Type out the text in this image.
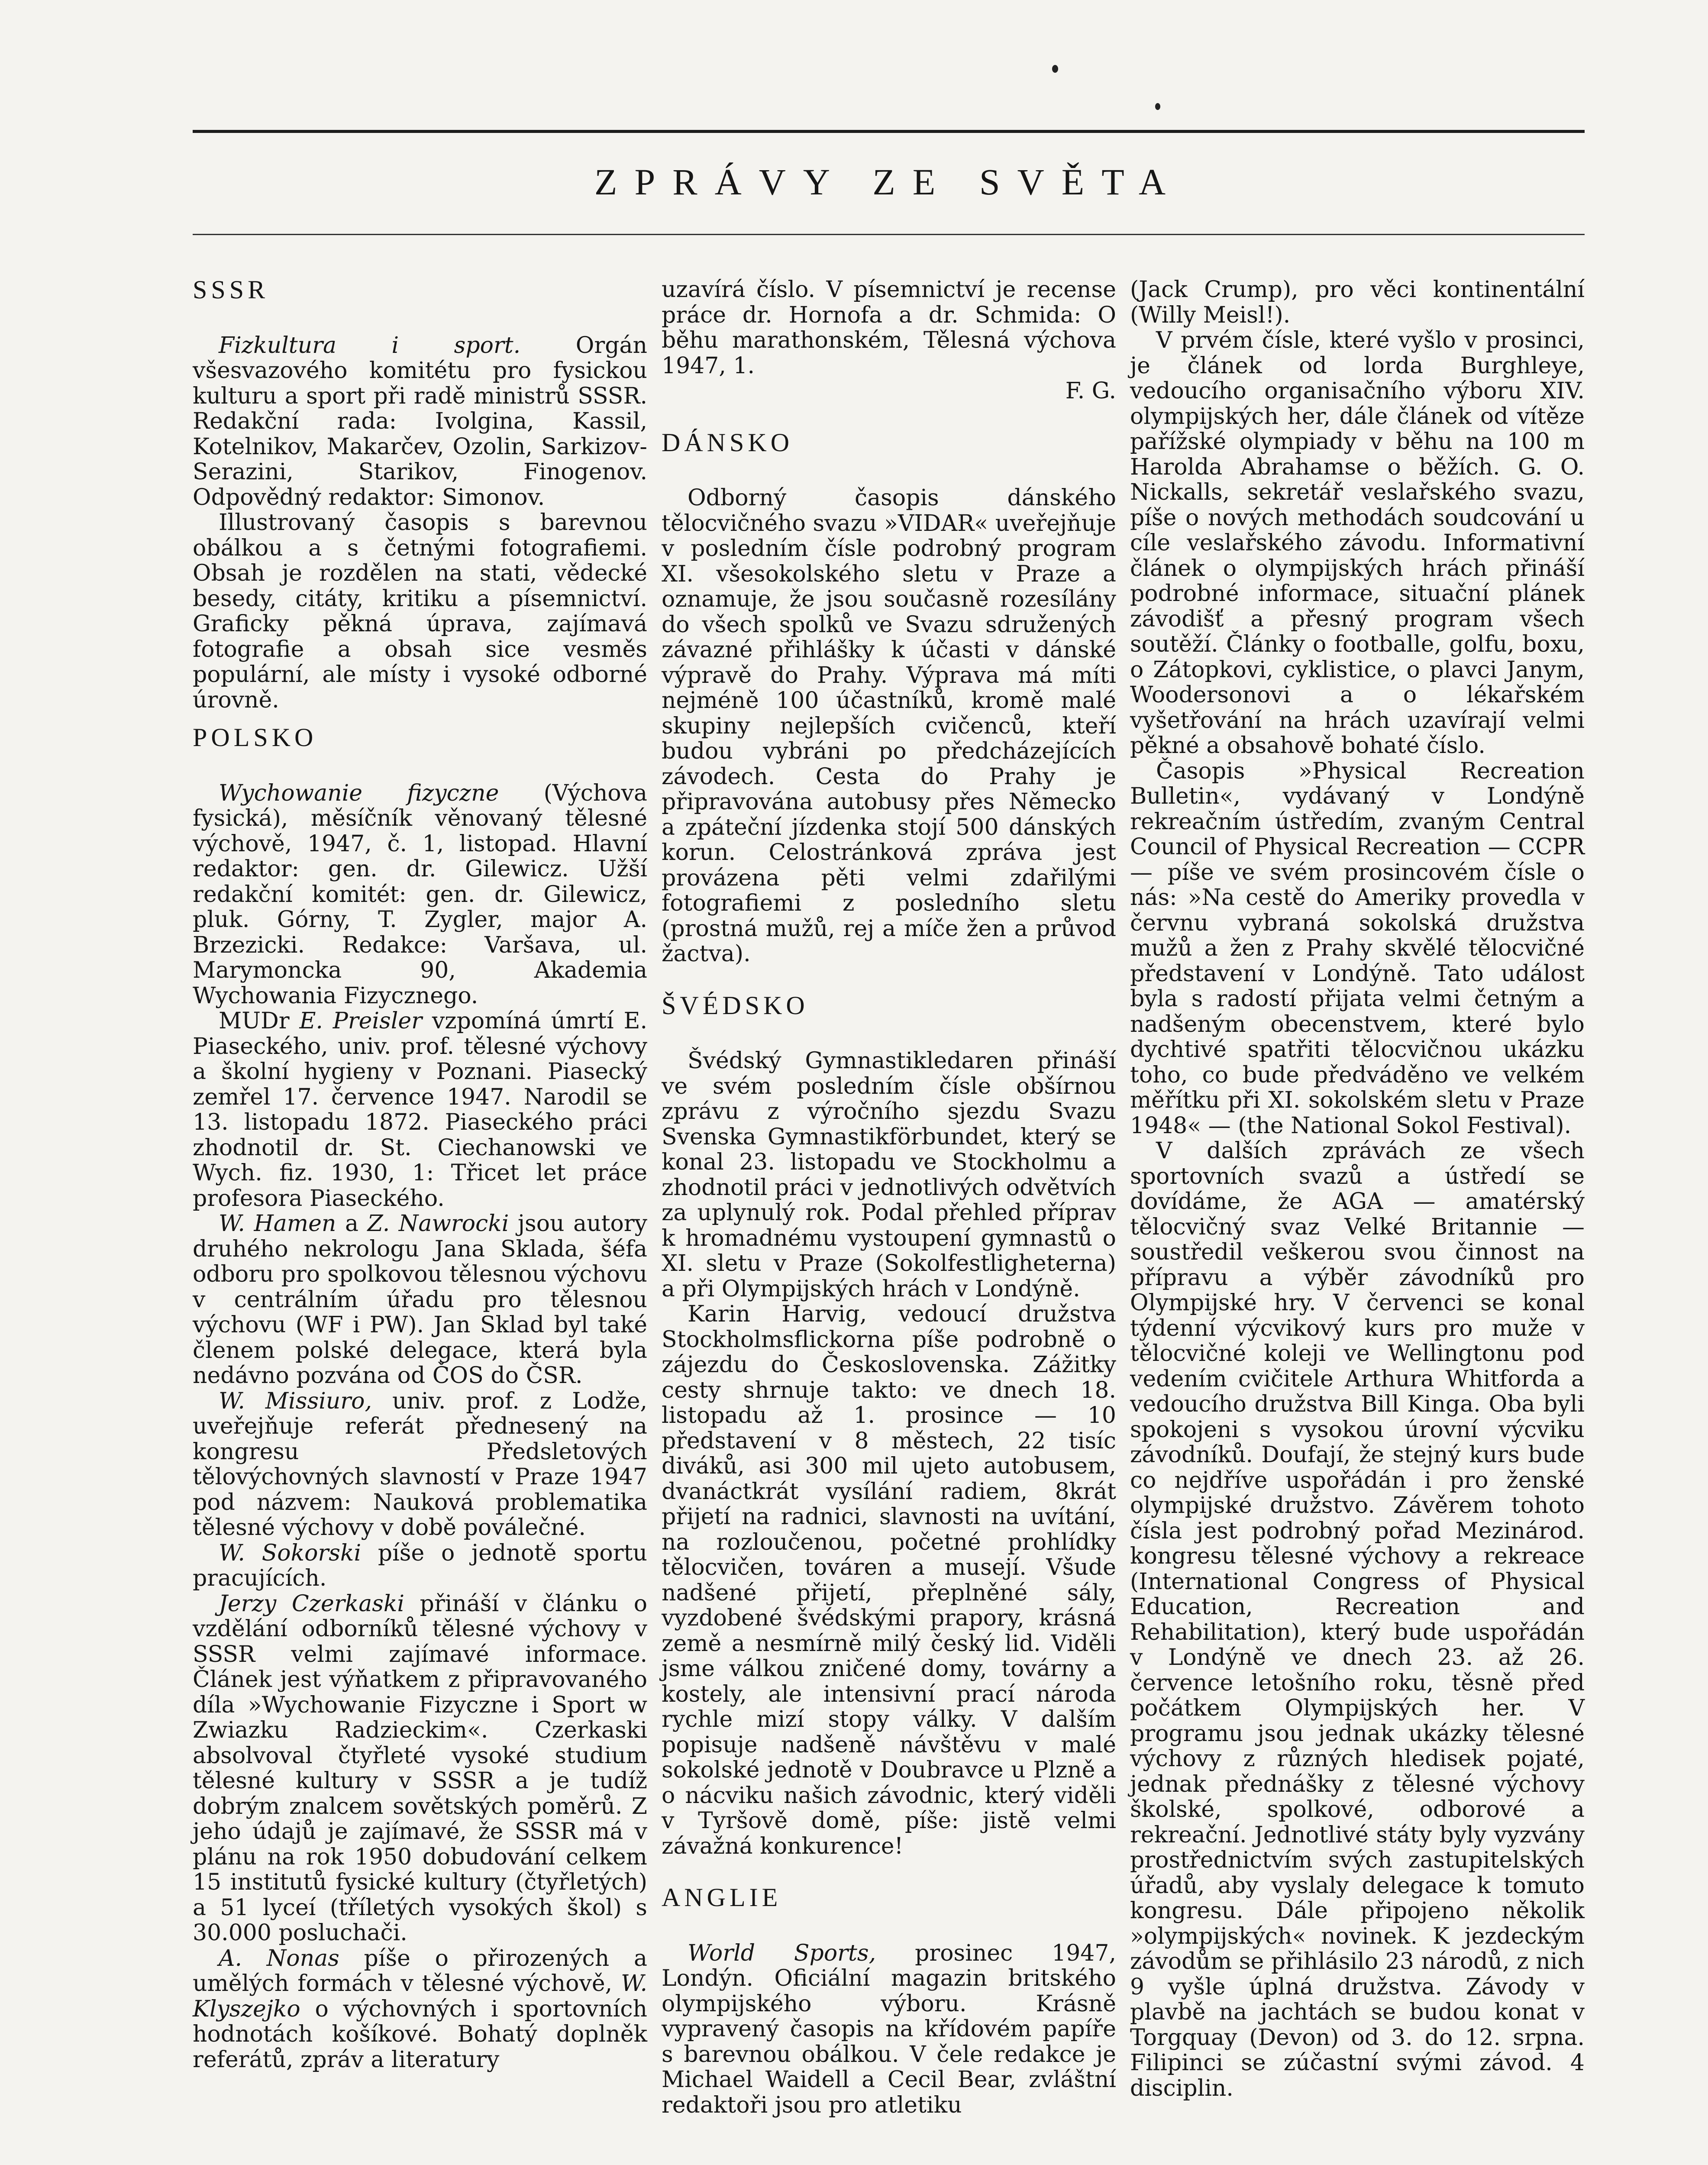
ZPRÁVY ZE SVĚTA
SSSR

Fizkultura i sport. Orgán všesvazového komitétu pro fysickou kulturu a sport při radě ministrů SSSR. Redakční rada: Ivolgina, Kassil, Kotelnikov, Makarčev, Ozolin, Sarkizov-Serazini, Starikov, Finogenov. Odpovědný redaktor: Simonov.

Illustrovaný časopis s barevnou obálkou a s četnými fotografiemi. Obsah je rozdělen na stati, vědecké besedy, citáty, kritiku a písemnictví. Graficky pěkná úprava, zajímavá fotografie a obsah sice vesměs populární, ale místy i vysoké odborné úrovně.

POLSKO

Wychowanie fizyczne (Výchova fysická), měsíčník věnovaný tělesné výchově, 1947, č. 1, listopad. Hlavní redaktor: gen. dr. Gilewicz. Užší redakční komitét: gen. dr. Gilewicz, pluk. Górny, T. Zygler, major A. Brzezicki. Redakce: Varšava, ul. Marymoncka 90, Akademia Wychowania Fizycznego.

MUDr E. Preisler vzpomíná úmrtí E. Piaseckého, univ. prof. tělesné výchovy a školní hygieny v Poznani. Piasecký zemřel 17. července 1947. Narodil se 13. listopadu 1872. Piaseckého práci zhodnotil dr. St. Ciechanowski ve Wych. fiz. 1930, 1: Třicet let práce profesora Piaseckého.

W. Hamen a Z. Nawrocki jsou autory druhého nekrologu Jana Sklada, šéfa odboru pro spolkovou tělesnou výchovu v centrálním úřadu pro tělesnou výchovu (WF i PW). Jan Sklad byl také členem polské delegace, která byla nedávno pozvána od ČOS do ČSR.

W. Missiuro, univ. prof. z Lodže, uveřejňuje referát přednesený na kongresu Předsletových tělovýchovných slavností v Praze 1947 pod názvem: Nauková problematika tělesné výchovy v době poválečné.

W. Sokorski píše o jednotě sportu pracujících.

Jerzy Czerkaski přináší v článku o vzdělání odborníků tělesné výchovy v SSSR velmi zajímavé informace. Článek jest výňatkem z připravovaného díla »Wychowanie Fizyczne i Sport w Zwiazku Radzieckim«. Czerkaski absolvoval čtyřleté vysoké studium tělesné kultury v SSSR a je tudíž dobrým znalcem sovětských poměrů. Z jeho údajů je zajímavé, že SSSR má v plánu na rok 1950 dobudování celkem 15 institutů fysické kultury (čtyřletých) a 51 lyceí (tříletých vysokých škol) s 30.000 posluchači.

A. Nonas píše o přirozených a umělých formách v tělesné výchově, W. Klyszejko o výchovných i sportovních hodnotách košíkové. Bohatý doplněk referátů, zpráv a literatury

uzavírá číslo. V písemnictví je recense práce dr. Hornofa a dr. Schmida: O běhu marathonském, Tělesná výchova 1947, 1.

F. G.
DÁNSKO

Odborný časopis dánského tělocvičného svazu »VIDAR« uveřejňuje v posledním čísle podrobný program XI. všesokolského sletu v Praze a oznamuje, že jsou současně rozesílány do všech spolků ve Svazu sdružených závazné přihlášky k účasti v dánské výpravě do Prahy. Výprava má míti nejméně 100 účastníků, kromě malé skupiny nejlepších cvičenců, kteří budou vybráni po předcházejících závodech. Cesta do Prahy je připravována autobusy přes Německo a zpáteční jízdenka stojí 500 dánských korun. Celostránková zpráva jest provázena pěti velmi zdařilými fotografiemi z posledního sletu (prostná mužů, rej a míče žen a průvod žactva).

ŠVÉDSKO

Švédský Gymnastikledaren přináší ve svém posledním čísle obšírnou zprávu z výročního sjezdu Svazu Svenska Gymnastikförbundet, který se konal 23. listopadu ve Stockholmu a zhodnotil práci v jednotlivých odvětvích za uplynulý rok. Podal přehled příprav k hromadnému vystoupení gymnastů o XI. sletu v Praze (Sokolfestligheterna) a při Olympijských hrách v Londýně.

Karin Harvig, vedoucí družstva Stockholmsflickorna píše podrobně o zájezdu do Československa. Zážitky cesty shrnuje takto: ve dnech 18. listopadu až 1. prosince — 10 představení v 8 městech, 22 tisíc diváků, asi 300 mil ujeto autobusem, dvanáctkrát vysílání radiem, 8krát přijetí na radnici, slavnosti na uvítání, na rozloučenou, početné prohlídky tělocvičen, továren a musejí. Všude nadšené přijetí, přeplněné sály, vyzdobené švédskými prapory, krásná země a nesmírně milý český lid. Viděli jsme válkou zničené domy, továrny a kostely, ale intensivní prací národa rychle mizí stopy války. V dalším popisuje nadšeně návštěvu v malé sokolské jednotě v Doubravce u Plzně a o nácviku našich závodnic, který viděli v Tyršově domě, píše: jistě velmi závažná konkurence!

ANGLIE

World Sports, prosinec 1947, Londýn. Oficiální magazin britského olympijského výboru. Krásně vypravený časopis na křídovém papíře s barevnou obálkou. V čele redakce je Michael Waidell a Cecil Bear, zvláštní redaktoři jsou pro atletiku

(Jack Crump), pro věci kontinentální (Willy Meisl!).

V prvém čísle, které vyšlo v prosinci, je článek od lorda Burghleye, vedoucího organisačního výboru XIV. olympijských her, dále článek od vítěze pařížské olympiady v běhu na 100 m Harolda Abrahamse o běžích. G. O. Nickalls, sekretář veslařského svazu, píše o nových methodách soudcování u cíle veslařského závodu. Informativní článek o olympijských hrách přináší podrobné informace, situační plánek závodišť a přesný program všech soutěží. Články o footballe, golfu, boxu, o Zátopkovi, cyklistice, o plavci Janym, Woodersonovi a o lékařském vyšetřování na hrách uzavírají velmi pěkné a obsahově bohaté číslo.

Časopis »Physical Recreation Bulletin«, vydávaný v Londýně rekreačním ústředím, zvaným Central Council of Physical Recreation — CCPR — píše ve svém prosincovém čísle o nás: »Na cestě do Ameriky provedla v červnu vybraná sokolská družstva mužů a žen z Prahy skvělé tělocvičné představení v Londýně. Tato událost byla s radostí přijata velmi četným a nadšeným obecenstvem, které bylo dychtivé spatřiti tělocvičnou ukázku toho, co bude předváděno ve velkém měřítku při XI. sokolském sletu v Praze 1948« — (the National Sokol Festival).

V dalších zprávách ze všech sportovních svazů a ústředí se dovídáme, že AGA — amatérský tělocvičný svaz Velké Britannie — soustředil veškerou svou činnost na přípravu a výběr závodníků pro Olympijské hry. V červenci se konal týdenní výcvikový kurs pro muže v tělocvičné koleji ve Wellingtonu pod vedením cvičitele Arthura Whitforda a vedoucího družstva Bill Kinga. Oba byli spokojeni s vysokou úrovní výcviku závodníků. Doufají, že stejný kurs bude co nejdříve uspořádán i pro ženské olympijské družstvo. Závěrem tohoto čísla jest podrobný pořad Mezinárod. kongresu tělesné výchovy a rekreace (International Congress of Physical Education, Recreation and Rehabilitation), který bude uspořádán v Londýně ve dnech 23. až 26. července letošního roku, těsně před počátkem Olympijských her. V programu jsou jednak ukázky tělesné výchovy z různých hledisek pojaté, jednak přednášky z tělesné výchovy školské, spolkové, odborové a rekreační. Jednotlivé státy byly vyzvány prostřednictvím svých zastupitelských úřadů, aby vyslaly delegace k tomuto kongresu. Dále připojeno několik »olympijských« novinek. K jezdeckým závodům se přihlásilo 23 národů, z nich 9 vyšle úplná družstva. Závody v plavbě na jachtách se budou konat v Torgquay (Devon) od 3. do 12. srpna. Filipinci se zúčastní svými závod. 4 disciplin.
